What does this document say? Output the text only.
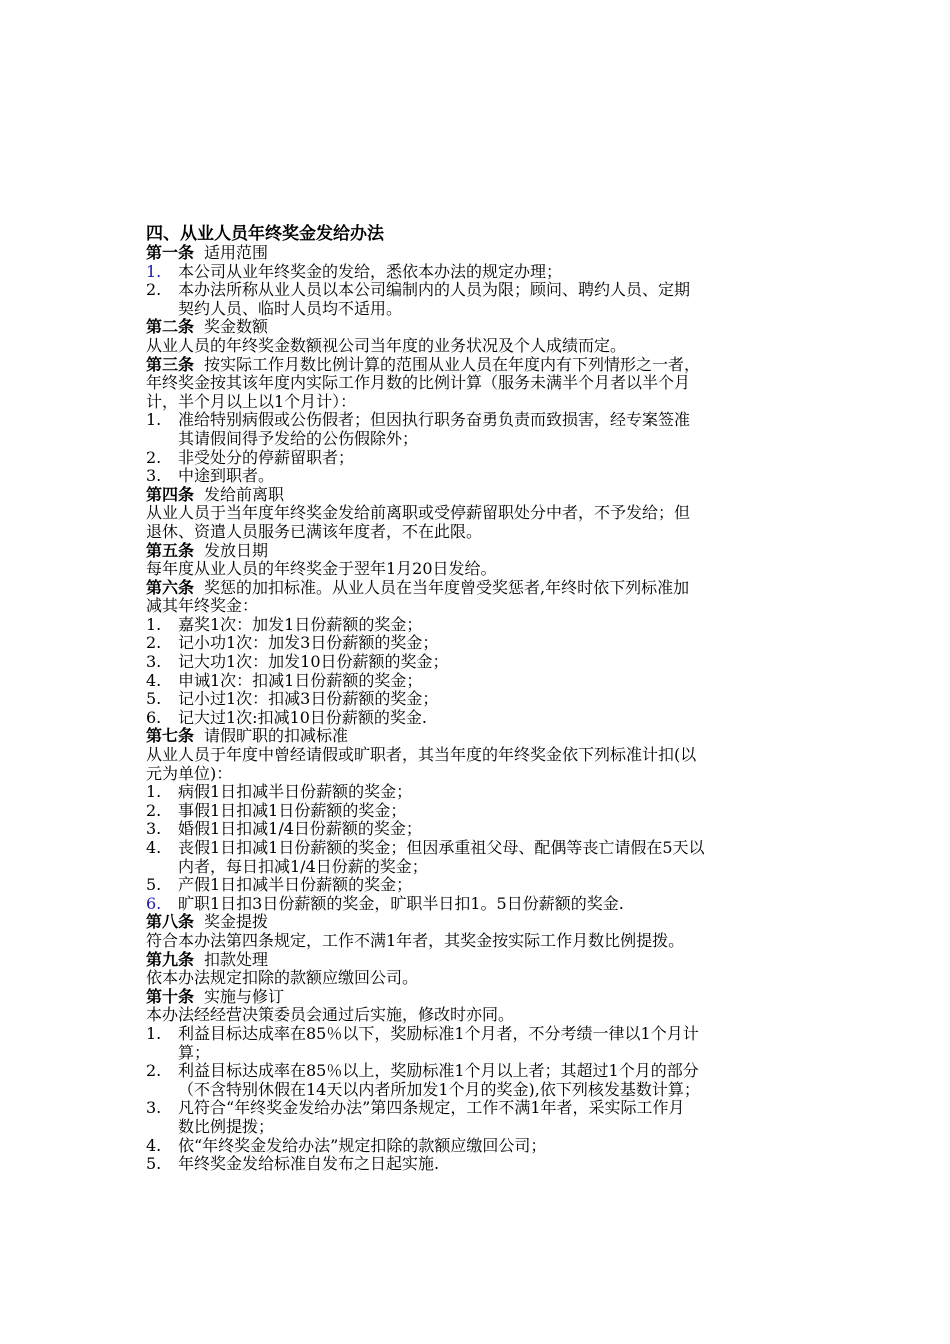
四、从业人员年终奖金发给办法
第一条 适用范围
1. 本公司从业年终奖金的发给，悉依本办法的规定办理；
2. 本办法所称从业人员以本公司编制内的人员为限；顾问、聘约人员、定期
契约人员、临时人员均不适用。
第二条 奖金数额
从业人员的年终奖金数额视公司当年度的业务状况及个人成绩而定。
第三条 按实际工作月数比例计算的范围从业人员在年度内有下列情形之一者，
年终奖金按其该年度内实际工作月数的比例计算（服务未满半个月者以半个月
计，半个月以上以1个月计）：
1. 准给特别病假或公伤假者；但因执行职务奋勇负责而致损害，经专案签准
其请假间得予发给的公伤假除外；
2. 非受处分的停薪留职者；
3. 中途到职者。
第四条 发给前离职
从业人员于当年度年终奖金发给前离职或受停薪留职处分中者，不予发给；但
退休、资遣人员服务已满该年度者，不在此限。
第五条 发放日期
每年度从业人员的年终奖金于翌年1月20日发给。
第六条 奖惩的加扣标准。从业人员在当年度曾受奖惩者,年终时依下列标准加
减其年终奖金：
1. 嘉奖1次：加发1日份薪额的奖金；
2. 记小功1次：加发3日份薪额的奖金；
3. 记大功1次：加发10日份薪额的奖金；
4. 申诫1次：扣减1日份薪额的奖金；
5. 记小过1次：扣减3日份薪额的奖金；
6. 记大过1次:扣减10日份薪额的奖金.
第七条 请假旷职的扣减标准
从业人员于年度中曾经请假或旷职者，其当年度的年终奖金依下列标准计扣(以
元为单位)：
1. 病假1日扣减半日份薪额的奖金；
2. 事假1日扣减1日份薪额的奖金；
3. 婚假1日扣减1/4日份薪额的奖金；
4. 丧假1日扣减1日份薪额的奖金；但因承重祖父母、配偶等丧亡请假在5天以
内者，每日扣减1/4日份薪的奖金；
5. 产假1日扣减半日份薪额的奖金；
6. 旷职1日扣3日份薪额的奖金，旷职半日扣1。5日份薪额的奖金.
第八条 奖金提拨
符合本办法第四条规定，工作不满1年者，其奖金按实际工作月数比例提拨。
第九条 扣款处理
依本办法规定扣除的款额应缴回公司。
第十条 实施与修订
本办法经经营决策委员会通过后实施，修改时亦同。
1. 利益目标达成率在85％以下，奖励标准1个月者，不分考绩一律以1个月计
算；
2. 利益目标达成率在85％以上，奖励标准1个月以上者；其超过1个月的部分
（不含特别休假在14天以内者所加发1个月的奖金),依下列核发基数计算；
3. 凡符合“年终奖金发给办法”第四条规定，工作不满1年者，采实际工作月
数比例提拨；
4. 依“年终奖金发给办法”规定扣除的款额应缴回公司；
5. 年终奖金发给标准自发布之日起实施.
